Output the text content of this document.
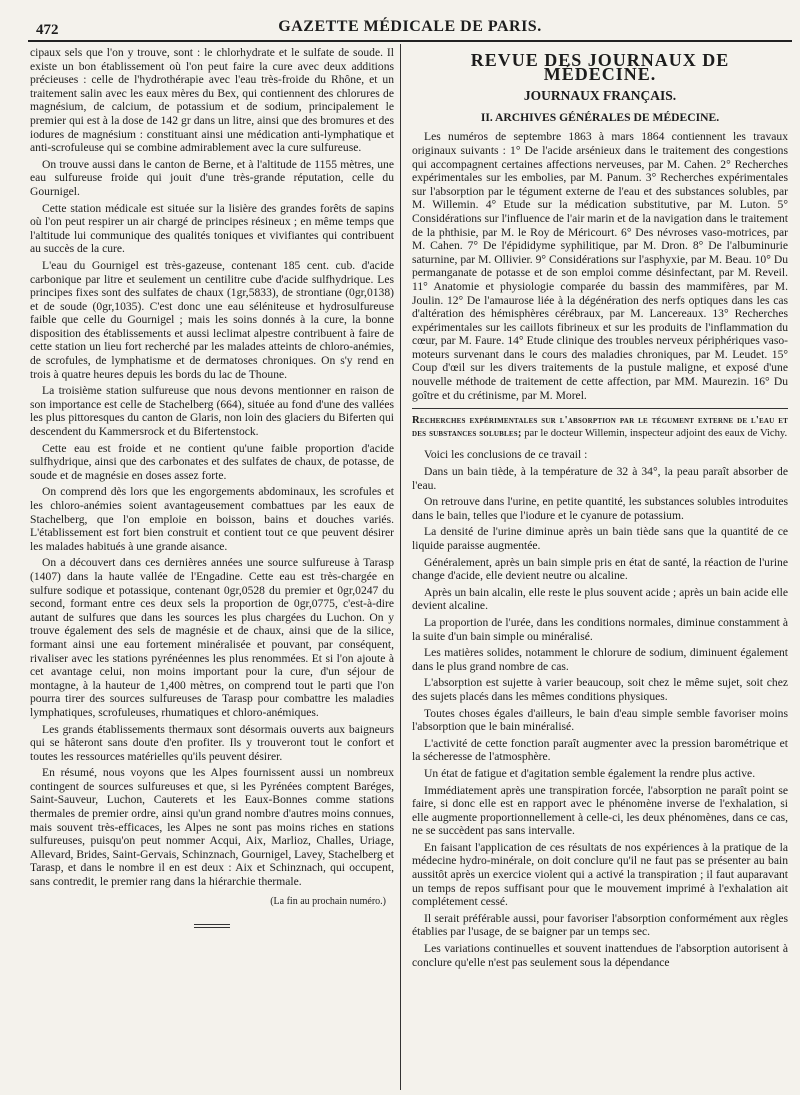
472	GAZETTE MÉDICALE DE PARIS.

cipaux sels que l'on y trouve, sont : le chlorhydrate et le sulfate de soude. Il existe un bon établissement où l'on peut faire la cure avec deux additions précieuses : celle de l'hydrothérapie avec l'eau très-froide du Rhône, et un traitement salin avec les eaux mères du Bex, qui contiennent des chlorures de magnésium, de calcium, de potassium et de sodium, principalement le premier qui est à la dose de 142 gr dans un litre, ainsi que des bromures et des iodures de magnésium : constituant ainsi une médication anti-lymphatique et anti-scrofuleuse qui se combine admirablement avec la cure sulfureuse.

On trouve aussi dans le canton de Berne, et à l'altitude de 1155 mètres, une eau sulfureuse froide qui jouit d'une très-grande réputation, celle du Gournigel.

Cette station médicale est située sur la lisière des grandes forêts de sapins où l'on peut respirer un air chargé de principes résineux ; en même temps que l'altitude lui communique des qualités toniques et vivifiantes qui contribuent au succès de la cure.

L'eau du Gournigel est très-gazeuse, contenant 185 cent. cub. d'acide carbonique par litre et seulement un centilitre cube d'acide sulfhydrique. Les principes fixes sont des sulfates de chaux (1gr,5833), de strontiane (0gr,0138) et de soude (0gr,1035). C'est donc une eau séléniteuse et hydrosulfureuse faible que celle du Gournigel ; mais les soins donnés à la cure, la bonne disposition des établissements et aussi leclimat alpestre contribuent à faire de cette station un lieu fort recherché par les malades atteints de chloro-anémies, de scrofules, de lymphatisme et de dermatoses chroniques. On s'y rend en trois à quatre heures depuis les bords du lac de Thoune.

La troisième station sulfureuse que nous devons mentionner en raison de son importance est celle de Stachelberg (664), située au fond d'une des vallées les plus pittoresques du canton de Glaris, non loin des glaciers du Biferten qui descendent du Kammersrock et du Bifertenstock.

Cette eau est froide et ne contient qu'une faible proportion d'acide sulfhydrique, ainsi que des carbonates et des sulfates de chaux, de potasse, de soude et de magnésie en doses assez forte.

On comprend dès lors que les engorgements abdominaux, les scrofules et les chloro-anémies soient avantageusement combattues par les eaux de Stachelberg, que l'on emploie en boisson, bains et douches variés. L'établissement est fort bien construit et contient tout ce que peuvent désirer les malades habitués à une grande aisance.

On a découvert dans ces dernières années une source sulfureuse à Tarasp (1407) dans la haute vallée de l'Engadine. Cette eau est très-chargée en sulfure sodique et potassique, contenant 0gr,0528 du premier et 0gr,0247 du second, formant entre ces deux sels la proportion de 0gr,0775, c'est-à-dire autant de sulfures que dans les sources les plus chargées du Luchon. On y trouve également des sels de magnésie et de chaux, ainsi que de la silice, formant ainsi une eau fortement minéralisée et pouvant, par conséquent, rivaliser avec les stations pyrénéennes les plus renommées. Et si l'on ajoute à cet avantage celui, non moins important pour la cure, d'un séjour de montagne, à la hauteur de 1,400 mètres, on comprend tout le parti que l'on pourra tirer des sources sulfureuses de Tarasp pour combattre les maladies lymphatiques, scrofuleuses, rhumatiques et chloro-anémiques.

Les grands établissements thermaux sont désormais ouverts aux baigneurs qui se hâteront sans doute d'en profiter. Ils y trouveront tout le confort et toutes les ressources matérielles qu'ils peuvent désirer.

En résumé, nous voyons que les Alpes fournissent aussi un nombreux contingent de sources sulfureuses et que, si les Pyrénées comptent Baréges, Saint-Sauveur, Luchon, Cauterets et les Eaux-Bonnes comme stations thermales de premier ordre, ainsi qu'un grand nombre d'autres moins connues, mais souvent très-efficaces, les Alpes ne sont pas moins riches en stations sulfureuses, puisqu'on peut nommer Acqui, Aix, Marlioz, Challes, Uriage, Allevard, Brides, Saint-Gervais, Schinznach, Gournigel, Lavey, Stachelberg et Tarasp, et dans le nombre il en est deux : Aix et Schinznach, qui occupent, sans contredit, le premier rang dans la hiérarchie thermale.

(La fin au prochain numéro.)
REVUE DES JOURNAUX DE MÉDECINE.
JOURNAUX FRANÇAIS.
II. ARCHIVES GÉNÉRALES DE MÉDECINE.

Les numéros de septembre 1863 à mars 1864 contiennent les travaux originaux suivants : 1° De l'acide arsénieux dans le traitement des congestions qui accompagnent certaines affections nerveuses, par M. Cahen. 2° Recherches expérimentales sur les embolies, par M. Panum. 3° Recherches expérimentales sur l'absorption par le tégument externe de l'eau et des substances solubles, par M. Willemin. 4° Etude sur la médication substitutive, par M. Luton. 5° Considérations sur l'influence de l'air marin et de la navigation dans le traitement de la phthisie, par M. le Roy de Méricourt. 6° Des névroses vaso-motrices, par M. Cahen. 7° De l'épididyme syphilitique, par M. Dron. 8° De l'albuminurie saturnine, par M. Ollivier. 9° Considérations sur l'asphyxie, par M. Beau. 10° Du permanganate de potasse et de son emploi comme désinfectant, par M. Reveil. 11° Anatomie et physiologie comparée du bassin des mammifères, par M. Joulin. 12° De l'amaurose liée à la dégénération des nerfs optiques dans les cas d'altération des hémisphères cérébraux, par M. Lancereaux. 13° Recherches expérimentales sur les caillots fibrineux et sur les produits de l'inflammation du cœur, par M. Faure. 14° Etude clinique des troubles nerveux périphériques vaso-moteurs survenant dans le cours des maladies chroniques, par M. Leudet. 15° Coup d'œil sur les divers traitements de la pustule maligne, et exposé d'une nouvelle méthode de traitement de cette affection, par MM. Maurezin. 16° Du goître et du crétinisme, par M. Morel.

Recherches expérimentales sur l'absorption par le tégument externe de l'eau et des substances solubles; par le docteur Willemin, inspecteur adjoint des eaux de Vichy.

Voici les conclusions de ce travail :

Dans un bain tiède, à la température de 32 à 34°, la peau paraît absorber de l'eau.

On retrouve dans l'urine, en petite quantité, les substances solubles introduites dans le bain, telles que l'iodure et le cyanure de potassium.

La densité de l'urine diminue après un bain tiède sans que la quantité de ce liquide paraisse augmentée.

Généralement, après un bain simple pris en état de santé, la réaction de l'urine change d'acide, elle devient neutre ou alcaline.

Après un bain alcalin, elle reste le plus souvent acide ; après un bain acide elle devient alcaline.

La proportion de l'urée, dans les conditions normales, diminue constamment à la suite d'un bain simple ou minéralisé.

Les matières solides, notamment le chlorure de sodium, diminuent également dans le plus grand nombre de cas.

L'absorption est sujette à varier beaucoup, soit chez le même sujet, soit chez des sujets placés dans les mêmes conditions physiques.

Toutes choses égales d'ailleurs, le bain d'eau simple semble favoriser moins l'absorption que le bain minéralisé.

L'activité de cette fonction paraît augmenter avec la pression barométrique et la sécheresse de l'atmosphère.

Un état de fatigue et d'agitation semble également la rendre plus active.

Immédiatement après une transpiration forcée, l'absorption ne paraît point se faire, si donc elle est en rapport avec le phénomène inverse de l'exhalation, si elle augmente proportionnellement à celle-ci, les deux phénomènes, dans ce cas, ne se succèdent pas sans intervalle.

En faisant l'application de ces résultats de nos expériences à la pratique de la médecine hydro-minérale, on doit conclure qu'il ne faut pas se présenter au bain aussitôt après un exercice violent qui a activé la transpiration ; il faut auparavant un temps de repos suffisant pour que le mouvement imprimé à l'exhalation ait complétement cessé.

Il serait préférable aussi, pour favoriser l'absorption conformément aux règles établies par l'usage, de se baigner par un temps sec.

Les variations continuelles et souvent inattendues de l'absorption autorisent à conclure qu'elle n'est pas seulement sous la dépendance
